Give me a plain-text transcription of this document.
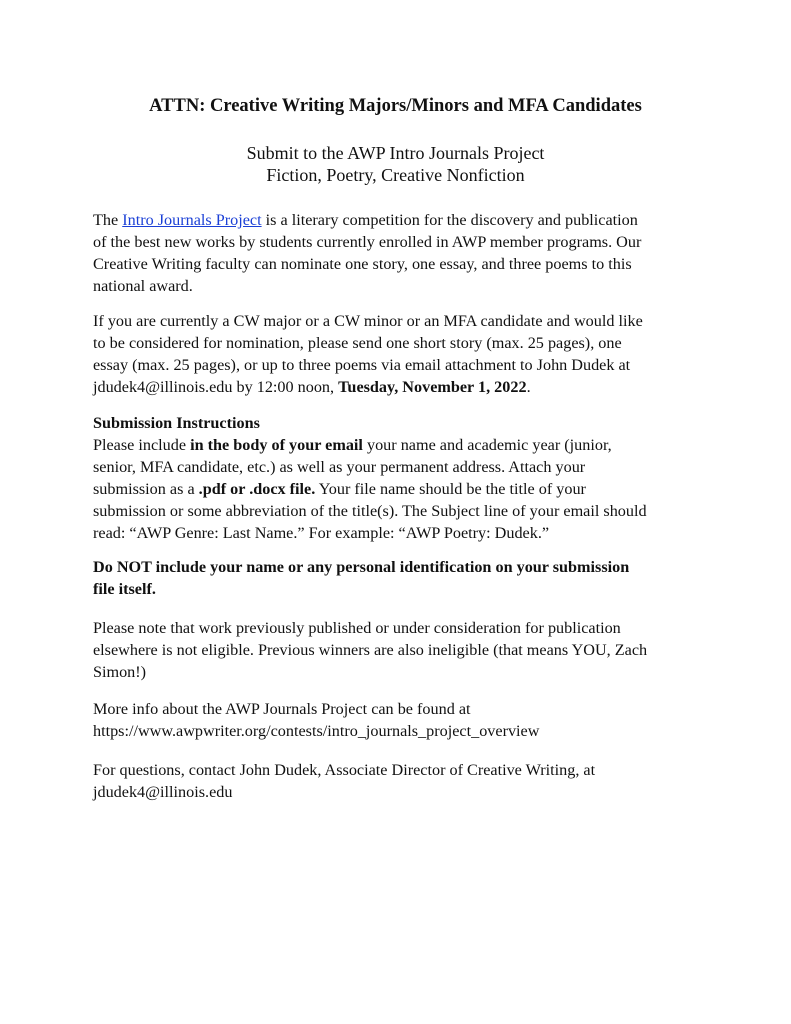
ATTN: Creative Writing Majors/Minors and MFA Candidates

Submit to the AWP Intro Journals Project

Fiction, Poetry, Creative Nonfiction

The Intro Journals Project is a literary competition for the discovery and publication
of the best new works by students currently enrolled in AWP member programs. Our
Creative Writing faculty can nominate one story, one essay, and three poems to this
national award.

If you are currently a CW major or a CW minor or an MFA candidate and would like
to be considered for nomination, please send one short story (max. 25 pages), one
essay (max. 25 pages), or up to three poems via email attachment to John Dudek at
jdudek4@illinois.edu by 12:00 noon, Tuesday, November 1, 2022.

Submission Instructions
Please include in the body of your email your name and academic year (junior,
senior, MFA candidate, etc.) as well as your permanent address. Attach your
submission as a .pdf or .docx file. Your file name should be the title of your
submission or some abbreviation of the title(s). The Subject line of your email should
read: “AWP Genre: Last Name.” For example: “AWP Poetry: Dudek.”

Do NOT include your name or any personal identification on your submission
file itself.

Please note that work previously published or under consideration for publication
elsewhere is not eligible. Previous winners are also ineligible (that means YOU, Zach
Simon!)

More info about the AWP Journals Project can be found at
https://www.awpwriter.org/contests/intro_journals_project_overview

For questions, contact John Dudek, Associate Director of Creative Writing, at
jdudek4@illinois.edu
